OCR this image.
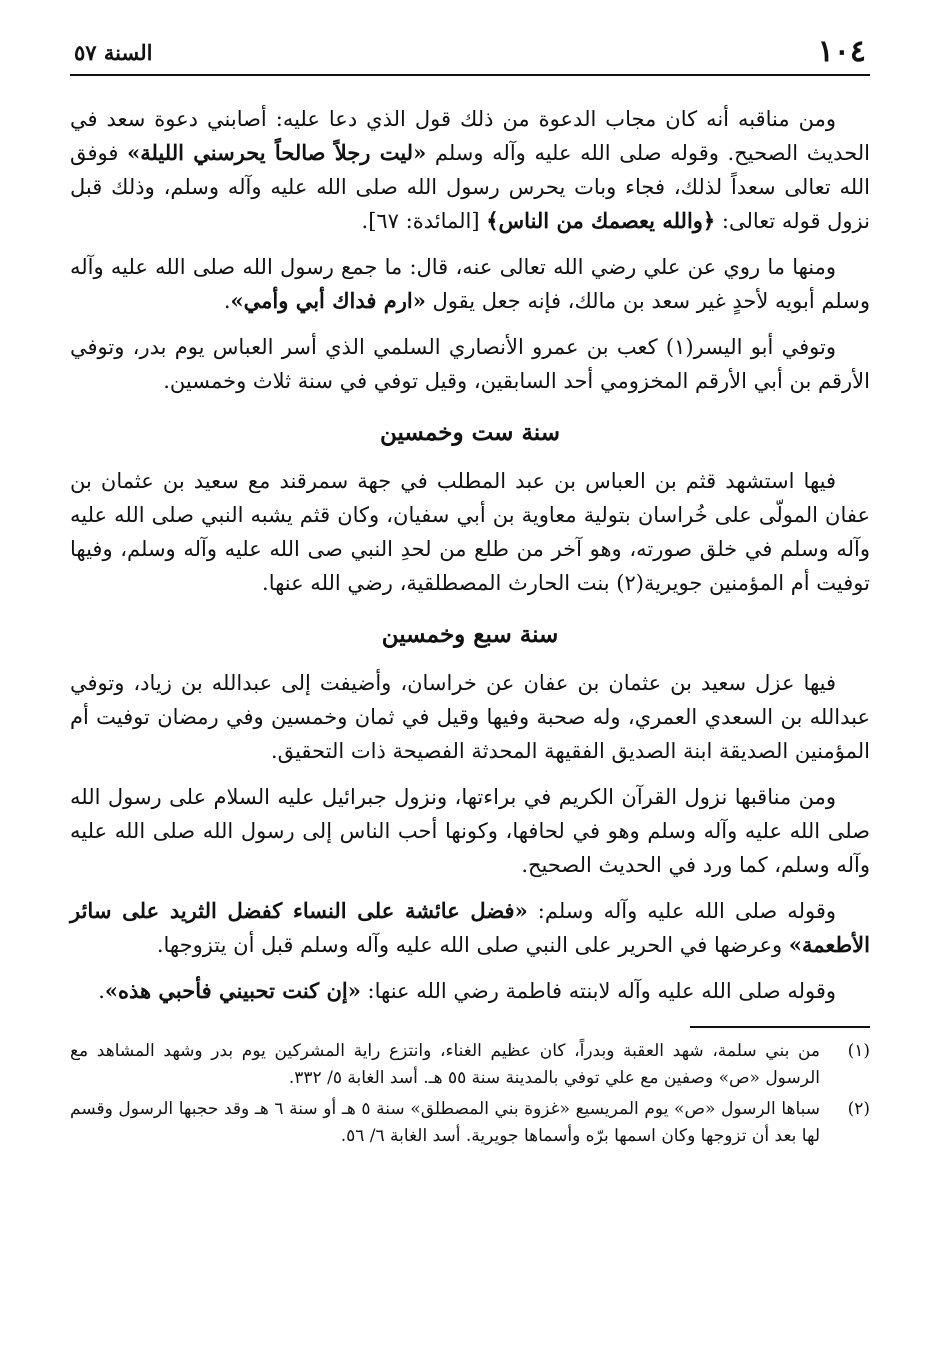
١٠٤
السنة ٥٧

ومن مناقبه أنه كان مجاب الدعوة من ذلك قول الذي دعا عليه: أصابني دعوة سعد في الحديث الصحيح. وقوله صلى الله عليه وآله وسلم «ليت رجلاً صالحاً يحرسني الليلة» فوفق الله تعالى سعداً لذلك، فجاء وبات يحرس رسول الله صلى الله عليه وآله وسلم، وذلك قبل نزول قوله تعالى: ﴿والله يعصمك من الناس﴾ [المائدة: ٦٧].

ومنها ما روي عن علي رضي الله تعالى عنه، قال: ما جمع رسول الله صلى الله عليه وآله وسلم أبويه لأحدٍ غير سعد بن مالك، فإنه جعل يقول «ارم فداك أبي وأمي».

وتوفي أبو اليسر(١) كعب بن عمرو الأنصاري السلمي الذي أسر العباس يوم بدر، وتوفي الأرقم بن أبي الأرقم المخزومي أحد السابقين، وقيل توفي في سنة ثلاث وخمسين.

سنة ست وخمسين

فيها استشهد قثم بن العباس بن عبد المطلب في جهة سمرقند مع سعيد بن عثمان بن عفان المولّى على خُراسان بتولية معاوية بن أبي سفيان، وكان قثم يشبه النبي صلى الله عليه وآله وسلم في خلق صورته، وهو آخر من طلع من لحدِ النبي صى الله عليه وآله وسلم، وفيها توفيت أم المؤمنين جويرية(٢) بنت الحارث المصطلقية، رضي الله عنها.

سنة سبع وخمسين

فيها عزل سعيد بن عثمان بن عفان عن خراسان، وأضيفت إلى عبدالله بن زياد، وتوفي عبدالله بن السعدي العمري، وله صحبة وفيها وقيل في ثمان وخمسين وفي رمضان توفيت أم المؤمنين الصديقة ابنة الصديق الفقيهة المحدثة الفصيحة ذات التحقيق.

ومن مناقبها نزول القرآن الكريم في براءتها، ونزول جبرائيل عليه السلام على رسول الله صلى الله عليه وآله وسلم وهو في لحافها، وكونها أحب الناس إلى رسول الله صلى الله عليه وآله وسلم، كما ورد في الحديث الصحيح.

وقوله صلى الله عليه وآله وسلم: «فضل عائشة على النساء كفضل الثريد على سائر الأطعمة» وعرضها في الحرير على النبي صلى الله عليه وآله وسلم قبل أن يتزوجها.

وقوله صلى الله عليه وآله لابنته فاطمة رضي الله عنها: «إن كنت تحبيني فأحبي هذه».

(١)
من بني سلمة، شهد العقبة وبدراً، كان عظيم الغناء، وانتزع راية المشركين يوم بدر وشهد المشاهد مع الرسول «ص» وصفين مع علي توفي بالمدينة سنة ٥٥ هـ. أسد الغابة ٥/ ٣٣٢.
(٢)
سباها الرسول «ص» يوم المريسيع «غزوة بني المصطلق» سنة ٥ هـ أو سنة ٦ هـ وقد حجبها الرسول وقسم لها بعد أن تزوجها وكان اسمها برّه وأسماها جويرية. أسد الغابة ٦/ ٥٦.
